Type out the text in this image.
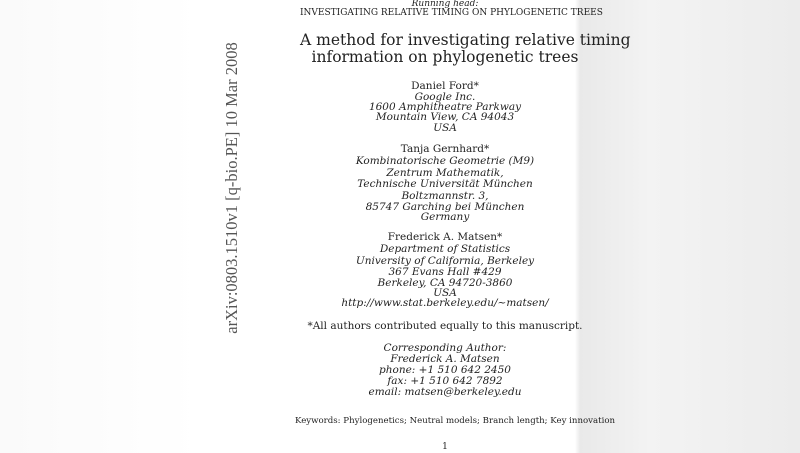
arXiv:0803.1510v1 [q-bio.PE] 10 Mar 2008
Running head:
INVESTIGATING RELATIVE TIMING ON PHYLOGENETIC TREES
A method for investigating relative timing
information on phylogenetic trees
Daniel Ford*
Google Inc.
1600 Amphitheatre Parkway
Mountain View, CA 94043
USA
Tanja Gernhard*
Kombinatorische Geometrie (M9)
Zentrum Mathematik,
Technische Universität München
Boltzmannstr. 3,
85747 Garching bei München
Germany
Frederick A. Matsen*
Department of Statistics
University of California, Berkeley
367 Evans Hall #429
Berkeley, CA 94720-3860
USA
http://www.stat.berkeley.edu/~matsen/
*All authors contributed equally to this manuscript.
Corresponding Author:
Frederick A. Matsen
phone: +1 510 642 2450
fax: +1 510 642 7892
email: matsen@berkeley.edu
Keywords: Phylogenetics; Neutral models; Branch length; Key innovation
1
